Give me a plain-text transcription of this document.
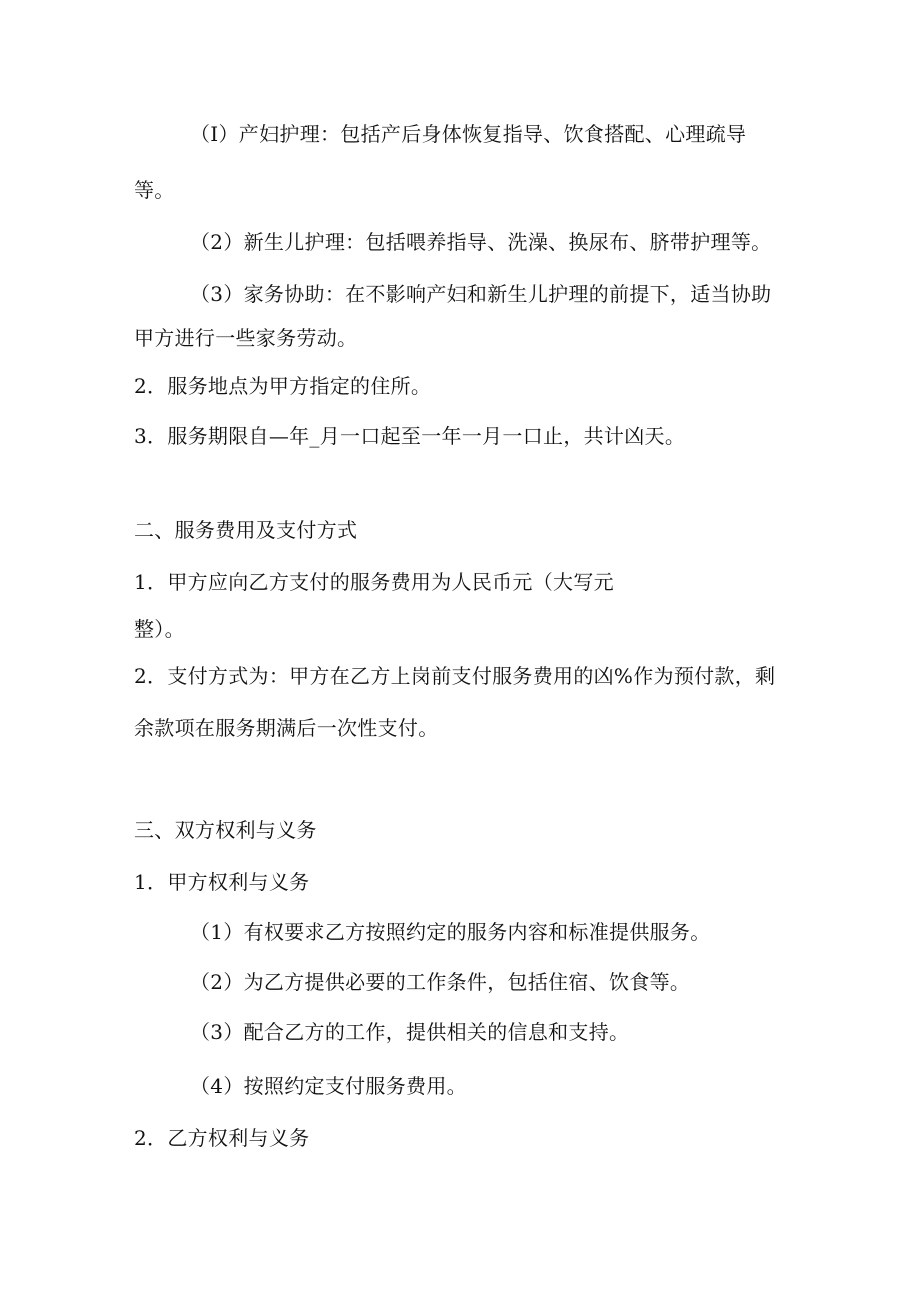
（I）产妇护理：包括产后身体恢复指导、饮食搭配、心理疏导
等。
（2）新生儿护理：包括喂养指导、洗澡、换尿布、脐带护理等。
（3）家务协助：在不影响产妇和新生儿护理的前提下，适当协助
甲方进行一些家务劳动。
2．服务地点为甲方指定的住所。
3．服务期限自—年_月一口起至一年一月一口止，共计凶天。
二、服务费用及支付方式
1．甲方应向乙方支付的服务费用为人民币元（大写元
整）。
2．支付方式为：甲方在乙方上岗前支付服务费用的凶%作为预付款，剩
余款项在服务期满后一次性支付。
三、双方权利与义务
1．甲方权利与义务
（1）有权要求乙方按照约定的服务内容和标准提供服务。
（2）为乙方提供必要的工作条件，包括住宿、饮食等。
（3）配合乙方的工作，提供相关的信息和支持。
（4）按照约定支付服务费用。
2．乙方权利与义务
